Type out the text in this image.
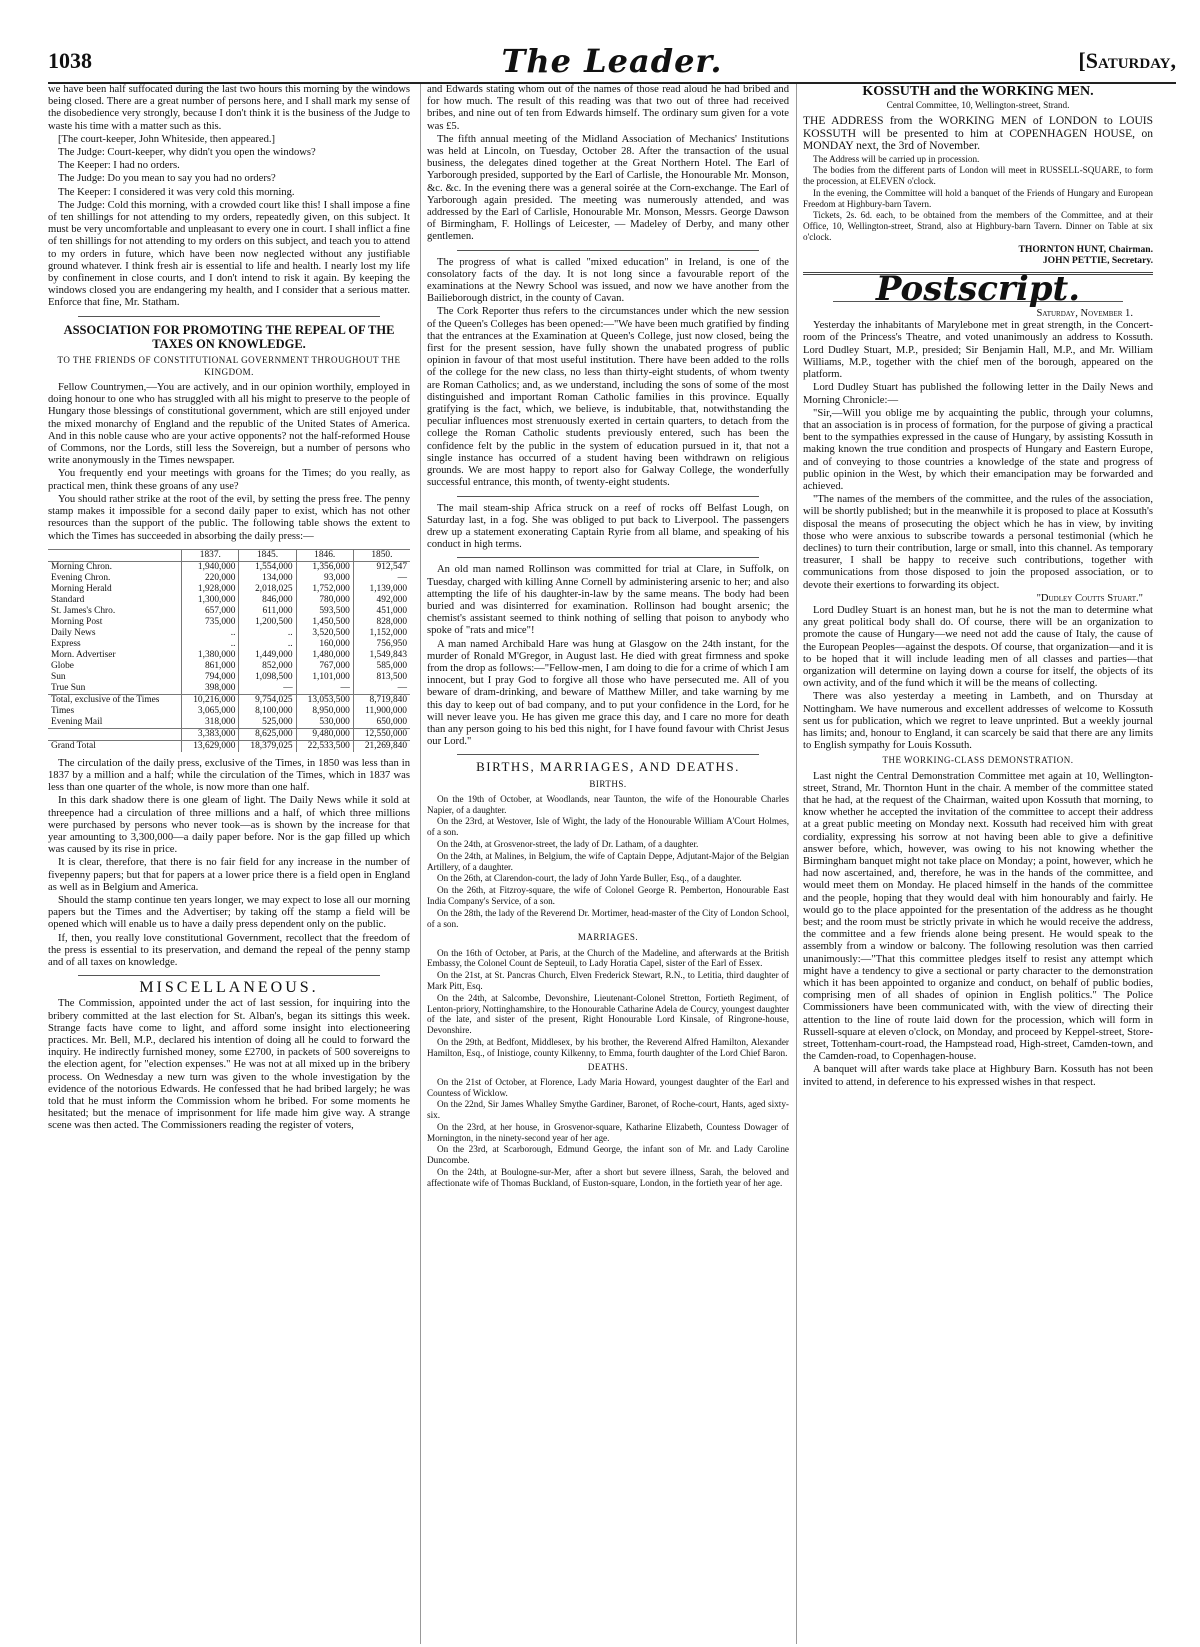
1038	The Leader.	[Saturday,

we have been half suffocated during the last two hours this morning by the windows being closed. There are a great number of persons here, and I shall mark my sense of the disobedience very strongly, because I don't think it is the business of the Judge to waste his time with a matter such as this.

[The court-keeper, John Whiteside, then appeared.]

The Judge: Court-keeper, why didn't you open the windows?

The Keeper: I had no orders.

The Judge: Do you mean to say you had no orders?

The Keeper: I considered it was very cold this morning.

The Judge: Cold this morning, with a crowded court like this! I shall impose a fine of ten shillings for not attending to my orders, repeatedly given, on this subject. It must be very uncomfortable and unpleasant to every one in court. I shall inflict a fine of ten shillings for not attending to my orders on this subject, and teach you to attend to my orders in future, which have been now neglected without any justifiable ground whatever. I think fresh air is essential to life and health. I nearly lost my life by confinement in close courts, and I don't intend to risk it again. By keeping the windows closed you are endangering my health, and I consider that a serious matter. Enforce that fine, Mr. Statham.

ASSOCIATION FOR PROMOTING THE REPEAL OF THE TAXES ON KNOWLEDGE.
TO THE FRIENDS OF CONSTITUTIONAL GOVERNMENT THROUGHOUT THE KINGDOM.

Fellow Countrymen,—You are actively, and in our opinion worthily, employed in doing honour to one who has struggled with all his might to preserve to the people of Hungary those blessings of constitutional government, which are still enjoyed under the mixed monarchy of England and the republic of the United States of America. And in this noble cause who are your active opponents? not the half-reformed House of Commons, nor the Lords, still less the Sovereign, but a number of persons who write anonymously in the Times newspaper.

You frequently end your meetings with groans for the Times; do you really, as practical men, think these groans of any use?

You should rather strike at the root of the evil, by setting the press free. The penny stamp makes it impossible for a second daily paper to exist, which has not other resources than the support of the public. The following table shows the extent to which the Times has succeeded in absorbing the daily press:—

	1837.	1845.	1846.	1850.
Morning Chron.	1,940,000	1,554,000	1,356,000	912,547
Evening Chron.	220,000	134,000	93,000	—
Morning Herald	1,928,000	2,018,025	1,752,000	1,139,000
Standard	1,300,000	846,000	780,000	492,000
St. James's Chro.	657,000	611,000	593,500	451,000
Morning Post	735,000	1,200,500	1,450,500	828,000
Daily News	..	..	3,520,500	1,152,000
Express	..	..	160,000	756,950
Morn. Advertiser	1,380,000	1,449,000	1,480,000	1,549,843
Globe	861,000	852,000	767,000	585,000
Sun	794,000	1,098,500	1,101,000	813,500
True Sun	398,000	—	—	—
Total, exclusive of the Times	10,216,000	9,754,025	13,053,500	8,719,840
Times	3,065,000	8,100,000	8,950,000	11,900,000
Evening Mail	318,000	525,000	530,000	650,000
	3,383,000	8,625,000	9,480,000	12,550,000
Grand Total	13,629,000	18,379,025	22,533,500	21,269,840

The circulation of the daily press, exclusive of the Times, in 1850 was less than in 1837 by a million and a half; while the circulation of the Times, which in 1837 was less than one quarter of the whole, is now more than one half.

In this dark shadow there is one gleam of light. The Daily News while it sold at threepence had a circulation of three millions and a half, of which three millions were purchased by persons who never took—as is shown by the increase for that year amounting to 3,300,000—a daily paper before. Nor is the gap filled up which was caused by its rise in price.

It is clear, therefore, that there is no fair field for any increase in the number of fivepenny papers; but that for papers at a lower price there is a field open in England as well as in Belgium and America.

Should the stamp continue ten years longer, we may expect to lose all our morning papers but the Times and the Advertiser; by taking off the stamp a field will be opened which will enable us to have a daily press dependent only on the public.

If, then, you really love constitutional Government, recollect that the freedom of the press is essential to its preservation, and demand the repeal of the penny stamp and of all taxes on knowledge.

MISCELLANEOUS.

The Commission, appointed under the act of last session, for inquiring into the bribery committed at the last election for St. Alban's, began its sittings this week. Strange facts have come to light, and afford some insight into electioneering practices. Mr. Bell, M.P., declared his intention of doing all he could to forward the inquiry. He indirectly furnished money, some £2700, in packets of 500 sovereigns to the election agent, for "election expenses." He was not at all mixed up in the bribery process. On Wednesday a new turn was given to the whole investigation by the evidence of the notorious Edwards. He confessed that he had bribed largely; he was told that he must inform the Commission whom he bribed. For some moments he hesitated; but the menace of imprisonment for life made him give way. A strange scene was then acted. The Commissioners reading the register of voters,

and Edwards stating whom out of the names of those read aloud he had bribed and for how much. The result of this reading was that two out of three had received bribes, and nine out of ten from Edwards himself. The ordinary sum given for a vote was £5.

The fifth annual meeting of the Midland Association of Mechanics' Institutions was held at Lincoln, on Tuesday, October 28. After the transaction of the usual business, the delegates dined together at the Great Northern Hotel. The Earl of Yarborough presided, supported by the Earl of Carlisle, the Honourable Mr. Monson, &c. &c. In the evening there was a general soirée at the Corn-exchange. The Earl of Yarborough again presided. The meeting was numerously attended, and was addressed by the Earl of Carlisle, Honourable Mr. Monson, Messrs. George Dawson of Birmingham, F. Hollings of Leicester, — Madeley of Derby, and many other gentlemen.

The progress of what is called "mixed education" in Ireland, is one of the consolatory facts of the day. It is not long since a favourable report of the examinations at the Newry School was issued, and now we have another from the Bailieborough district, in the county of Cavan.

The Cork Reporter thus refers to the circumstances under which the new session of the Queen's Colleges has been opened:—"We have been much gratified by finding that the entrances at the Examination at Queen's College, just now closed, being the first for the present session, have fully shown the unabated progress of public opinion in favour of that most useful institution. There have been added to the rolls of the college for the new class, no less than thirty-eight students, of whom twenty are Roman Catholics; and, as we understand, including the sons of some of the most distinguished and important Roman Catholic families in this province. Equally gratifying is the fact, which, we believe, is indubitable, that, notwithstanding the peculiar influences most strenuously exerted in certain quarters, to detach from the college the Roman Catholic students previously entered, such has been the confidence felt by the public in the system of education pursued in it, that not a single instance has occurred of a student having been withdrawn on religious grounds. We are most happy to report also for Galway College, the wonderfully successful entrance, this month, of twenty-eight students.

The mail steam-ship Africa struck on a reef of rocks off Belfast Lough, on Saturday last, in a fog. She was obliged to put back to Liverpool. The passengers drew up a statement exonerating Captain Ryrie from all blame, and speaking of his conduct in high terms.

An old man named Rollinson was committed for trial at Clare, in Suffolk, on Tuesday, charged with killing Anne Cornell by administering arsenic to her; and also attempting the life of his daughter-in-law by the same means. The body had been buried and was disinterred for examination. Rollinson had bought arsenic; the chemist's assistant seemed to think nothing of selling that poison to anybody who spoke of "rats and mice"!

A man named Archibald Hare was hung at Glasgow on the 24th instant, for the murder of Ronald M'Gregor, in August last. He died with great firmness and spoke from the drop as follows:—"Fellow-men, I am doing to die for a crime of which I am innocent, but I pray God to forgive all those who have persecuted me. All of you beware of dram-drinking, and beware of Matthew Miller, and take warning by me this day to keep out of bad company, and to put your confidence in the Lord, for he will never leave you. He has given me grace this day, and I care no more for death than any person going to his bed this night, for I have found favour with Christ Jesus our Lord."

BIRTHS, MARRIAGES, AND DEATHS.
BIRTHS.

On the 19th of October, at Woodlands, near Taunton, the wife of the Honourable Charles Napier, of a daughter.

On the 23rd, at Westover, Isle of Wight, the lady of the Honourable William A'Court Holmes, of a son.

On the 24th, at Grosvenor-street, the lady of Dr. Latham, of a daughter.

On the 24th, at Malines, in Belgium, the wife of Captain Deppe, Adjutant-Major of the Belgian Artillery, of a daughter.

On the 26th, at Clarendon-court, the lady of John Yarde Buller, Esq., of a daughter.

On the 26th, at Fitzroy-square, the wife of Colonel George R. Pemberton, Honourable East India Company's Service, of a son.

On the 28th, the lady of the Reverend Dr. Mortimer, head-master of the City of London School, of a son.

MARRIAGES.

On the 16th of October, at Paris, at the Church of the Madeline, and afterwards at the British Embassy, the Colonel Count de Septeuil, to Lady Horatia Capel, sister of the Earl of Essex.

On the 21st, at St. Pancras Church, Elven Frederick Stewart, R.N., to Letitia, third daughter of Mark Pitt, Esq.

On the 24th, at Salcombe, Devonshire, Lieutenant-Colonel Stretton, Fortieth Regiment, of Lenton-priory, Nottinghamshire, to the Honourable Catharine Adela de Courcy, youngest daughter of the late, and sister of the present, Right Honourable Lord Kinsale, of Ringrone-house, Devonshire.

On the 29th, at Bedfont, Middlesex, by his brother, the Reverend Alfred Hamilton, Alexander Hamilton, Esq., of Inistioge, county Kilkenny, to Emma, fourth daughter of the Lord Chief Baron.

DEATHS.

On the 21st of October, at Florence, Lady Maria Howard, youngest daughter of the Earl and Countess of Wicklow.

On the 22nd, Sir James Whalley Smythe Gardiner, Baronet, of Roche-court, Hants, aged sixty-six.

On the 23rd, at her house, in Grosvenor-square, Katharine Elizabeth, Countess Dowager of Mornington, in the ninety-second year of her age.

On the 23rd, at Scarborough, Edmund George, the infant son of Mr. and Lady Caroline Duncombe.

On the 24th, at Boulogne-sur-Mer, after a short but severe illness, Sarah, the beloved and affectionate wife of Thomas Buckland, of Euston-square, London, in the fortieth year of her age.

KOSSUTH and the WORKING MEN.
Central Committee, 10, Wellington-street, Strand.

THE ADDRESS from the WORKING MEN of LONDON to LOUIS KOSSUTH will be presented to him at COPENHAGEN HOUSE, on MONDAY next, the 3rd of November.

The Address will be carried up in procession.

The bodies from the different parts of London will meet in RUSSELL-SQUARE, to form the procession, at ELEVEN o'clock.

In the evening, the Committee will hold a banquet of the Friends of Hungary and European Freedom at Highbury-barn Tavern.

Tickets, 2s. 6d. each, to be obtained from the members of the Committee, and at their Office, 10, Wellington-street, Strand, also at Highbury-barn Tavern. Dinner on Table at six o'clock.

THORNTON HUNT, Chairman.
JOHN PETTIE, Secretary.
Postscript.
Saturday, November 1.

Yesterday the inhabitants of Marylebone met in great strength, in the Concert-room of the Princess's Theatre, and voted unanimously an address to Kossuth. Lord Dudley Stuart, M.P., presided; Sir Benjamin Hall, M.P., and Mr. William Williams, M.P., together with the chief men of the borough, appeared on the platform.

Lord Dudley Stuart has published the following letter in the Daily News and Morning Chronicle:—

"Sir,—Will you oblige me by acquainting the public, through your columns, that an association is in process of formation, for the purpose of giving a practical bent to the sympathies expressed in the cause of Hungary, by assisting Kossuth in making known the true condition and prospects of Hungary and Eastern Europe, and of conveying to those countries a knowledge of the state and progress of public opinion in the West, by which their emancipation may be forwarded and achieved.

"The names of the members of the committee, and the rules of the association, will be shortly published; but in the meanwhile it is proposed to place at Kossuth's disposal the means of prosecuting the object which he has in view, by inviting those who were anxious to subscribe towards a personal testimonial (which he declines) to turn their contribution, large or small, into this channel. As temporary treasurer, I shall be happy to receive such contributions, together with communications from those disposed to join the proposed association, or to devote their exertions to forwarding its object.

"Dudley Coutts Stuart."

Lord Dudley Stuart is an honest man, but he is not the man to determine what any great political body shall do. Of course, there will be an organization to promote the cause of Hungary—we need not add the cause of Italy, the cause of the European Peoples—against the despots. Of course, that organization—and it is to be hoped that it will include leading men of all classes and parties—that organization will determine on laying down a course for itself, the objects of its own activity, and of the fund which it will be the means of collecting.

There was also yesterday a meeting in Lambeth, and on Thursday at Nottingham. We have numerous and excellent addresses of welcome to Kossuth sent us for publication, which we regret to leave unprinted. But a weekly journal has limits; and, honour to England, it can scarcely be said that there are any limits to English sympathy for Louis Kossuth.

THE WORKING-CLASS DEMONSTRATION.

Last night the Central Demonstration Committee met again at 10, Wellington-street, Strand, Mr. Thornton Hunt in the chair. A member of the committee stated that he had, at the request of the Chairman, waited upon Kossuth that morning, to know whether he accepted the invitation of the committee to accept their address at a great public meeting on Monday next. Kossuth had received him with great cordiality, expressing his sorrow at not having been able to give a definitive answer before, which, however, was owing to his not knowing whether the Birmingham banquet might not take place on Monday; a point, however, which he had now ascertained, and, therefore, he was in the hands of the committee, and would meet them on Monday. He placed himself in the hands of the committee and the people, hoping that they would deal with him honourably and fairly. He would go to the place appointed for the presentation of the address as he thought best; and the room must be strictly private in which he would receive the address, the committee and a few friends alone being present. He would speak to the assembly from a window or balcony. The following resolution was then carried unanimously:—"That this committee pledges itself to resist any attempt which might have a tendency to give a sectional or party character to the demonstration which it has been appointed to organize and conduct, on behalf of public bodies, comprising men of all shades of opinion in English politics." The Police Commissioners have been communicated with, with the view of directing their attention to the line of route laid down for the procession, which will form in Russell-square at eleven o'clock, on Monday, and proceed by Keppel-street, Store-street, Tottenham-court-road, the Hampstead road, High-street, Camden-town, and the Camden-road, to Copenhagen-house.

A banquet will after wards take place at Highbury Barn. Kossuth has not been invited to attend, in deference to his expressed wishes in that respect.
